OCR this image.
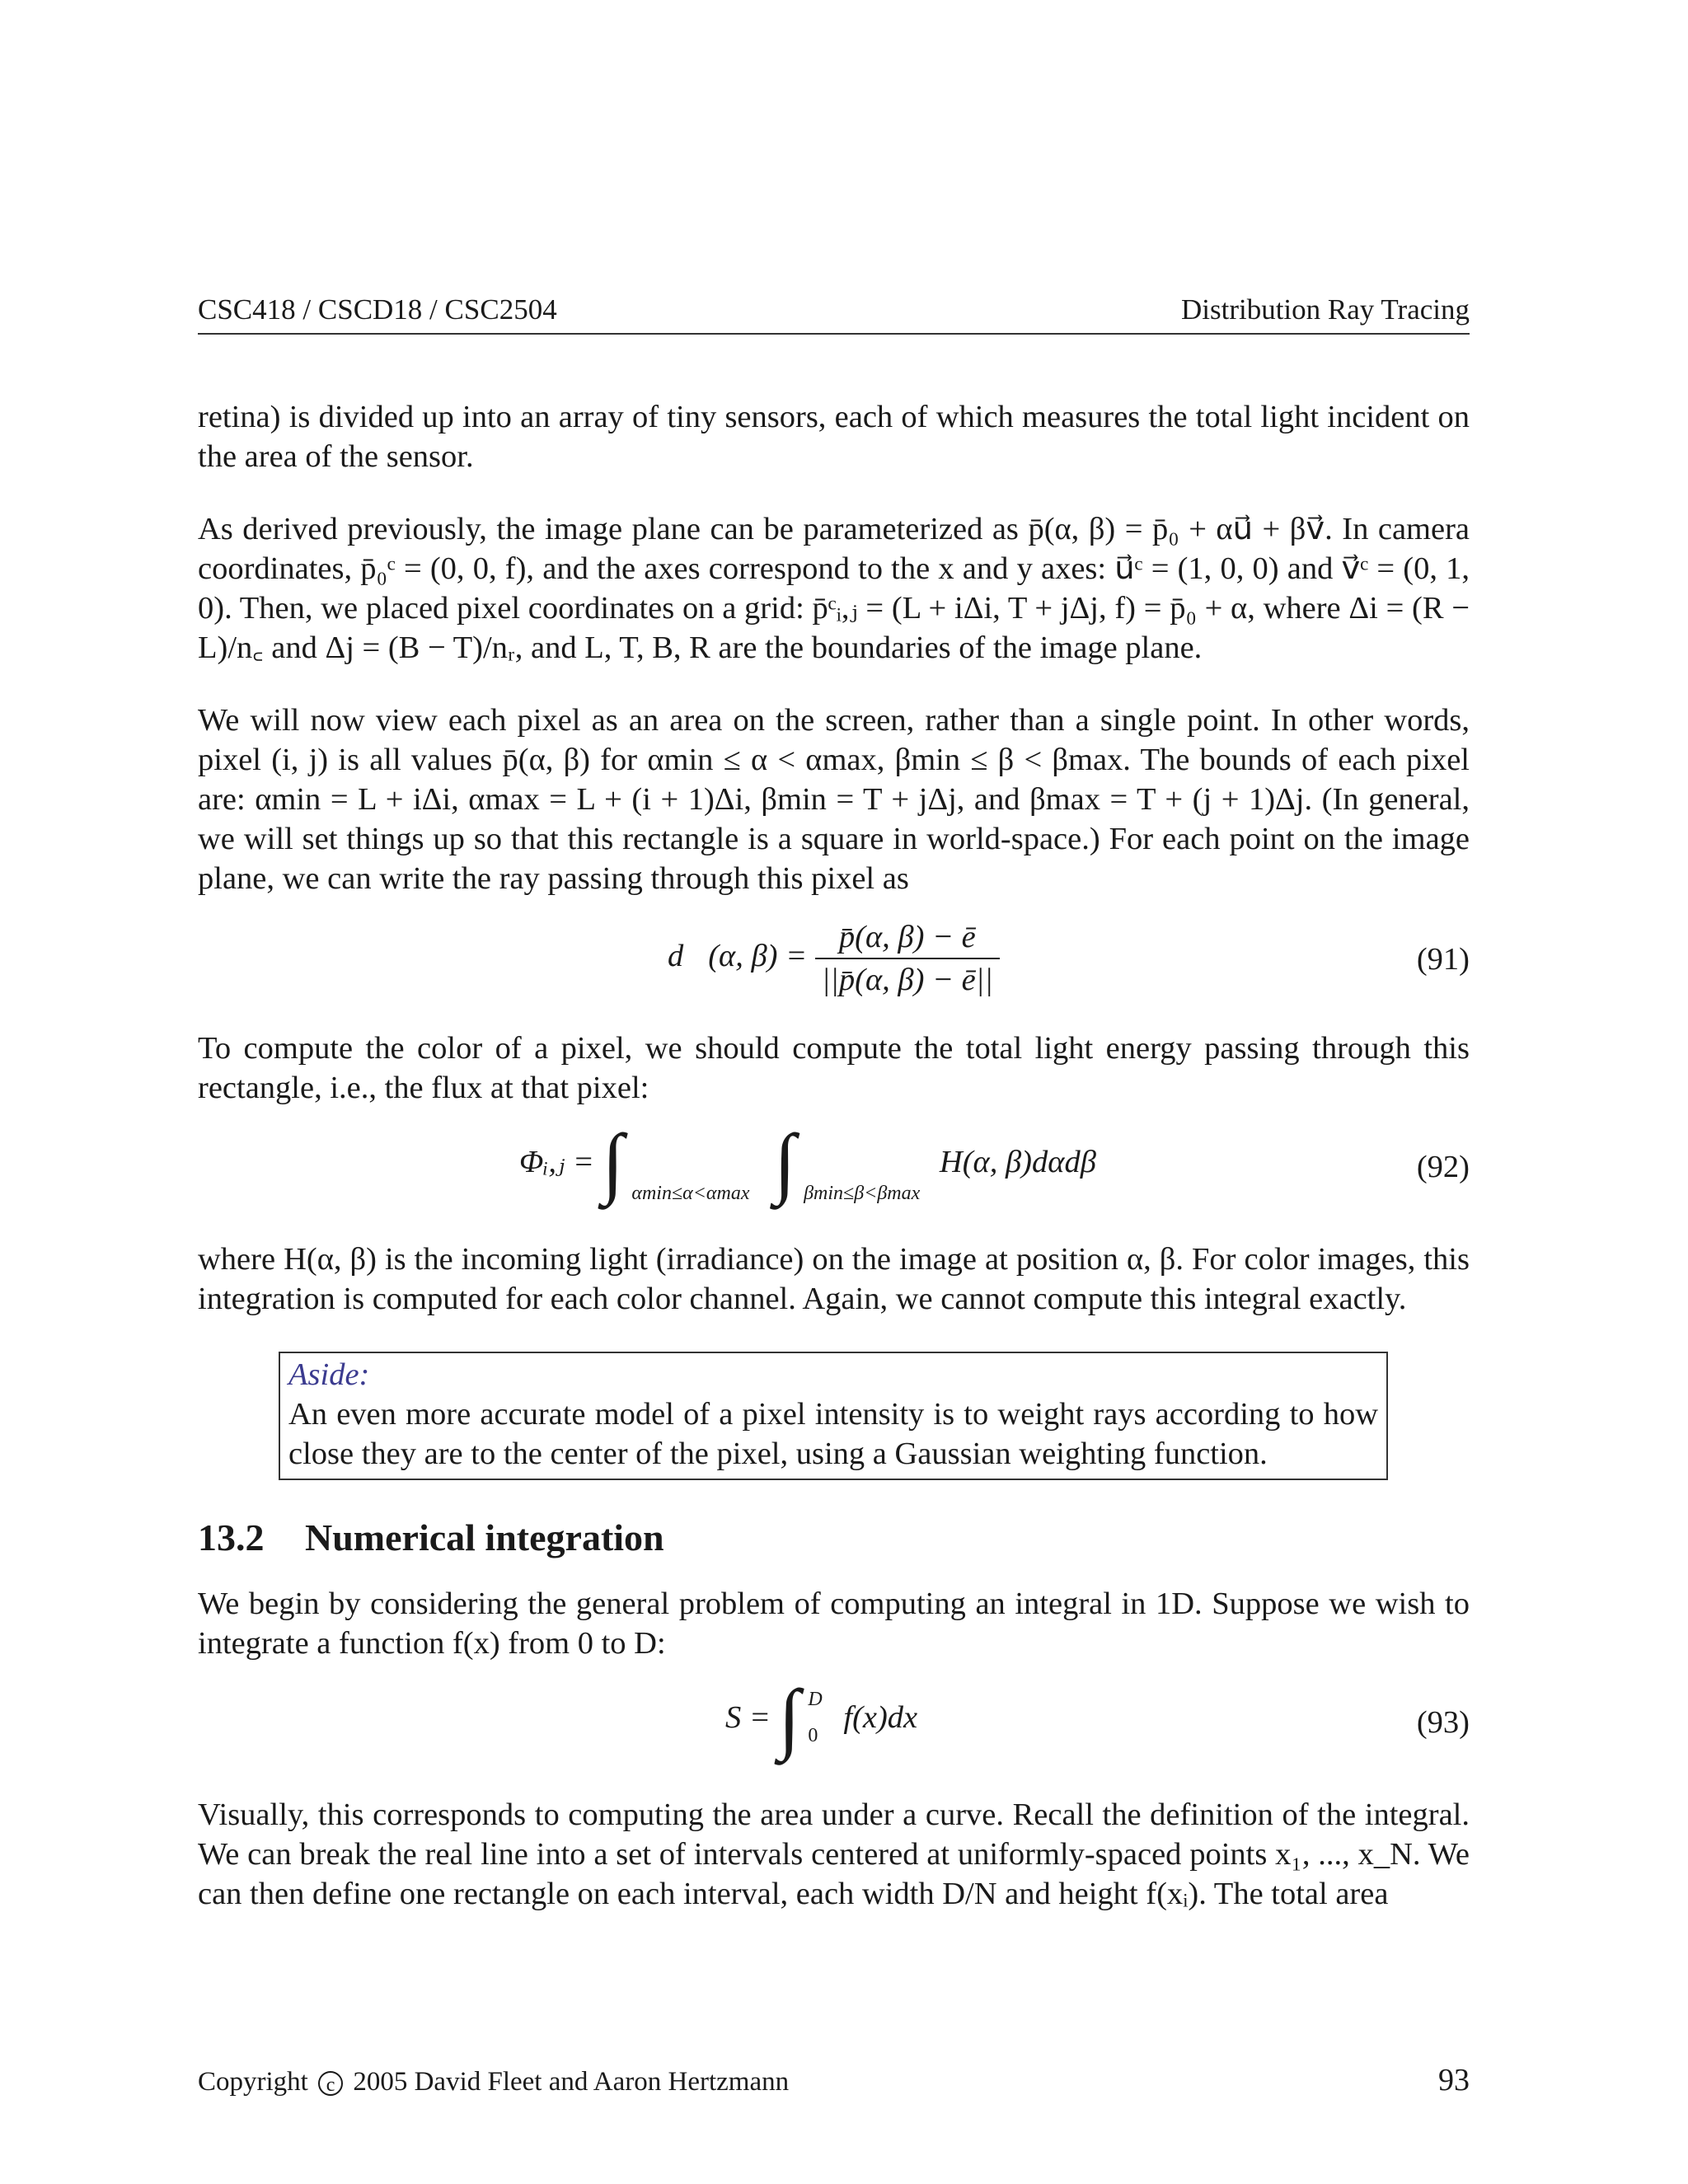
CSC418 / CSCD18 / CSC2504	Distribution Ray Tracing

retina) is divided up into an array of tiny sensors, each of which measures the total light incident on the area of the sensor.

As derived previously, the image plane can be parameterized as p̄(α, β) = p̄₀ + αu⃗ + βv⃗. In camera coordinates, p̄₀ᶜ = (0, 0, f), and the axes correspond to the x and y axes: u⃗ᶜ = (1, 0, 0) and v⃗ᶜ = (0, 1, 0). Then, we placed pixel coordinates on a grid: p̄ᶜᵢ,ⱼ = (L + iΔi, T + jΔj, f) = p̄₀ + α, where Δi = (R − L)/n꜀ and Δj = (B − T)/nᵣ, and L, T, B, R are the boundaries of the image plane.

We will now view each pixel as an area on the screen, rather than a single point. In other words, pixel (i, j) is all values p̄(α, β) for αmin ≤ α < αmax, βmin ≤ β < βmax. The bounds of each pixel are: αmin = L + iΔi, αmax = L + (i + 1)Δi, βmin = T + jΔj, and βmax = T + (j + 1)Δj. (In general, we will set things up so that this rectangle is a square in world-space.) For each point on the image plane, we can write the ray passing through this pixel as

d⃗(α, $\beta) = \frac{p̄(\alpha, \beta) - ē}{||p̄(\alpha, \beta) - ē||}$	(91)

To compute the color of a pixel, we should compute the total light energy passing through this rectangle, i.e., the flux at that pixel:

Φᵢ,ⱼ = ∫ $_{\alpha min\le\alpha<\alpha max}$ ∫ $_{\beta min\le\beta<\beta max}$ H(α, β)dαdβ	(92)

where H(α, β) is the incoming light (irradiance) on the image at position α, β. For color images, this integration is computed for each color channel. Again, we cannot compute this integral exactly.

Aside:
An even more accurate model of a pixel intensity is to weight rays according to how close they are to the center of the pixel, using a Gaussian weighting function.
13.2 Numerical integration

We begin by considering the general problem of computing an integral in 1D. Suppose we wish to integrate a function f(x) from 0 to D:

S = ∫ D
0
f(x)dx	(93)

Visually, this corresponds to computing the area under a curve. Recall the definition of the integral. We can break the real line into a set of intervals centered at uniformly-spaced points x₁, ..., x_N. We can then define one rectangle on each interval, each width D/N and height f(xᵢ). The total area

Copyright c 2005 David Fleet and Aaron Hertzmann	93
